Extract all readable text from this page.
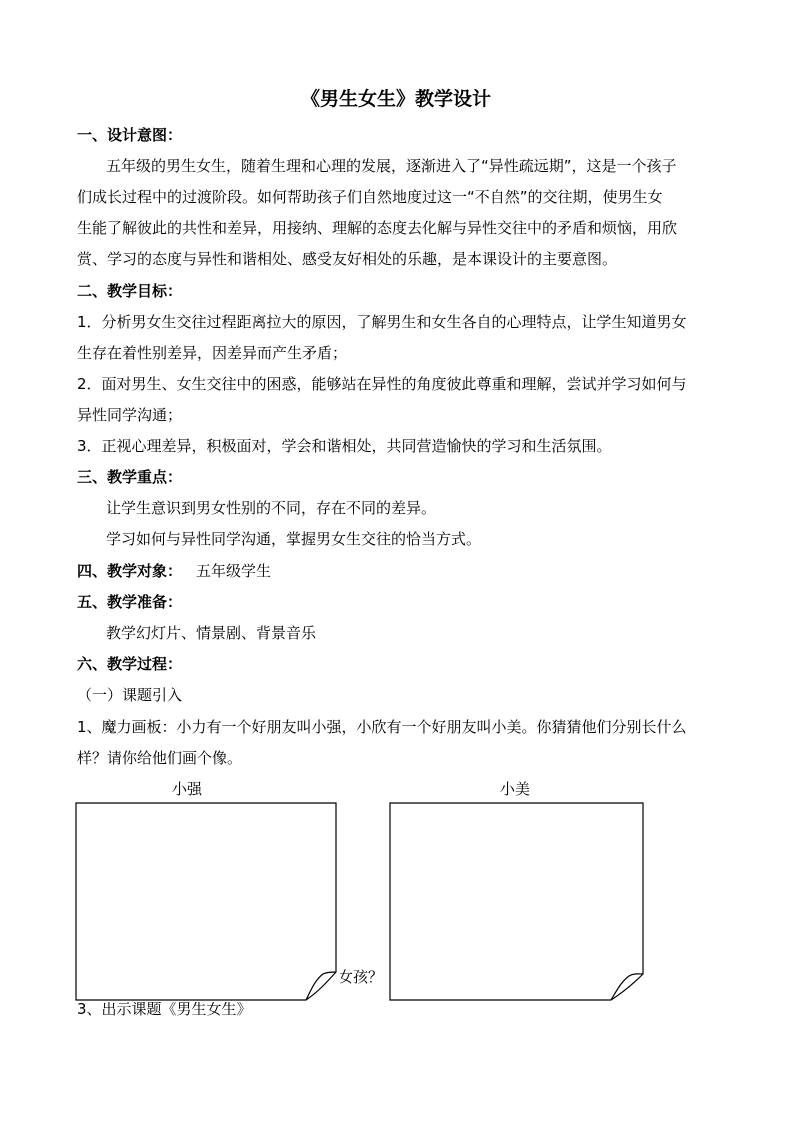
《男生女生》教学设计
一、设计意图：
五年级的男生女生，随着生理和心理的发展，逐渐进入了“异性疏远期”，这是一个孩子
们成长过程中的过渡阶段。如何帮助孩子们自然地度过这一“不自然”的交往期，使男生女
生能了解彼此的共性和差异，用接纳、理解的态度去化解与异性交往中的矛盾和烦恼，用欣
赏、学习的态度与异性和谐相处、感受友好相处的乐趣，是本课设计的主要意图。
二、教学目标：
1．分析男女生交往过程距离拉大的原因，了解男生和女生各自的心理特点，让学生知道男女
生存在着性别差异，因差异而产生矛盾；
2．面对男生、女生交往中的困惑，能够站在异性的角度彼此尊重和理解，尝试并学习如何与
异性同学沟通；
3．正视心理差异，积极面对，学会和谐相处，共同营造愉快的学习和生活氛围。
三、教学重点：
让学生意识到男女性别的不同，存在不同的差异。
学习如何与异性同学沟通，掌握男女生交往的恰当方式。
四、教学对象： 五年级学生
五、教学准备：
教学幻灯片、情景剧、背景音乐
六、教学过程：
（一）课题引入
1、魔力画板：小力有一个好朋友叫小强，小欣有一个好朋友叫小美。你猜猜他们分别长什么
样？请你给他们画个像。
小强	小美
女孩？
3、出示课题《男生女生》
